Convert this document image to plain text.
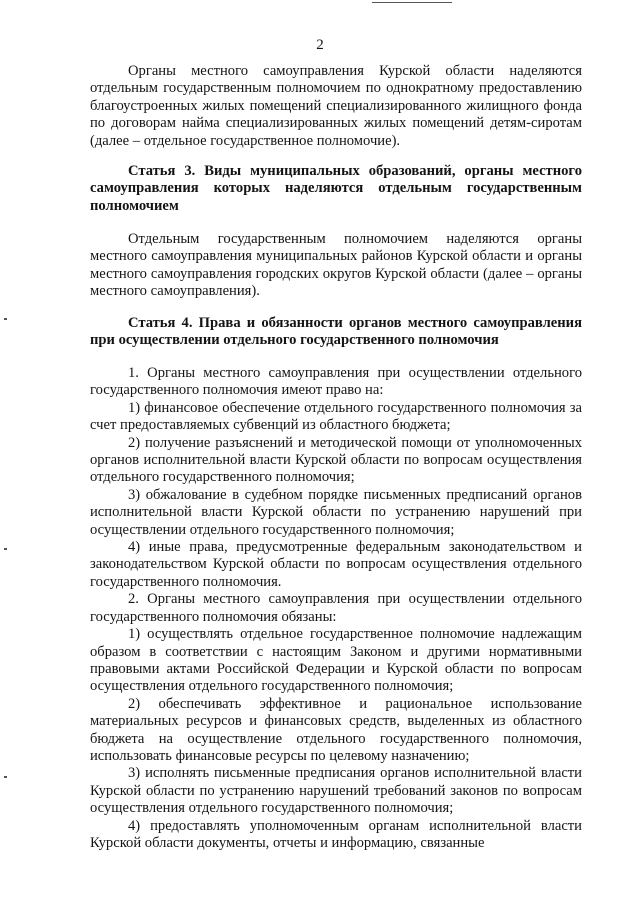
2

Органы местного самоуправления Курской области наделяются отдельным государственным полномочием по однократному предоставлению благоустроенных жилых помещений специализированного жилищного фонда по договорам найма специализированных жилых помещений детям-сиротам (далее – отдельное государственное полномочие).

Статья 3. Виды муниципальных образований, органы местного самоуправления которых наделяются отдельным государственным полномочием

Отдельным государственным полномочием наделяются органы местного самоуправления муниципальных районов Курской области и органы местного самоуправления городских округов Курской области (далее – органы местного самоуправления).

Статья 4. Права и обязанности органов местного самоуправления при осуществлении отдельного государственного полномочия

1. Органы местного самоуправления при осуществлении отдельного государственного полномочия имеют право на:

1) финансовое обеспечение отдельного государственного полномочия за счет предоставляемых субвенций из областного бюджета;

2) получение разъяснений и методической помощи от уполномоченных органов исполнительной власти Курской области по вопросам осуществления отдельного государственного полномочия;

3) обжалование в судебном порядке письменных предписаний органов исполнительной власти Курской области по устранению нарушений при осуществлении отдельного государственного полномочия;

4) иные права, предусмотренные федеральным законодательством и законодательством Курской области по вопросам осуществления отдельного государственного полномочия.

2. Органы местного самоуправления при осуществлении отдельного государственного полномочия обязаны:

1) осуществлять отдельное государственное полномочие надлежащим образом в соответствии с настоящим Законом и другими нормативными правовыми актами Российской Федерации и Курской области по вопросам осуществления отдельного государственного полномочия;

2) обеспечивать эффективное и рациональное использование материальных ресурсов и финансовых средств, выделенных из областного бюджета на осуществление отдельного государственного полномочия, использовать финансовые ресурсы по целевому назначению;

3) исполнять письменные предписания органов исполнительной власти Курской области по устранению нарушений требований законов по вопросам осуществления отдельного государственного полномочия;

4) предоставлять уполномоченным органам исполнительной власти Курской области документы, отчеты и информацию, связанные
